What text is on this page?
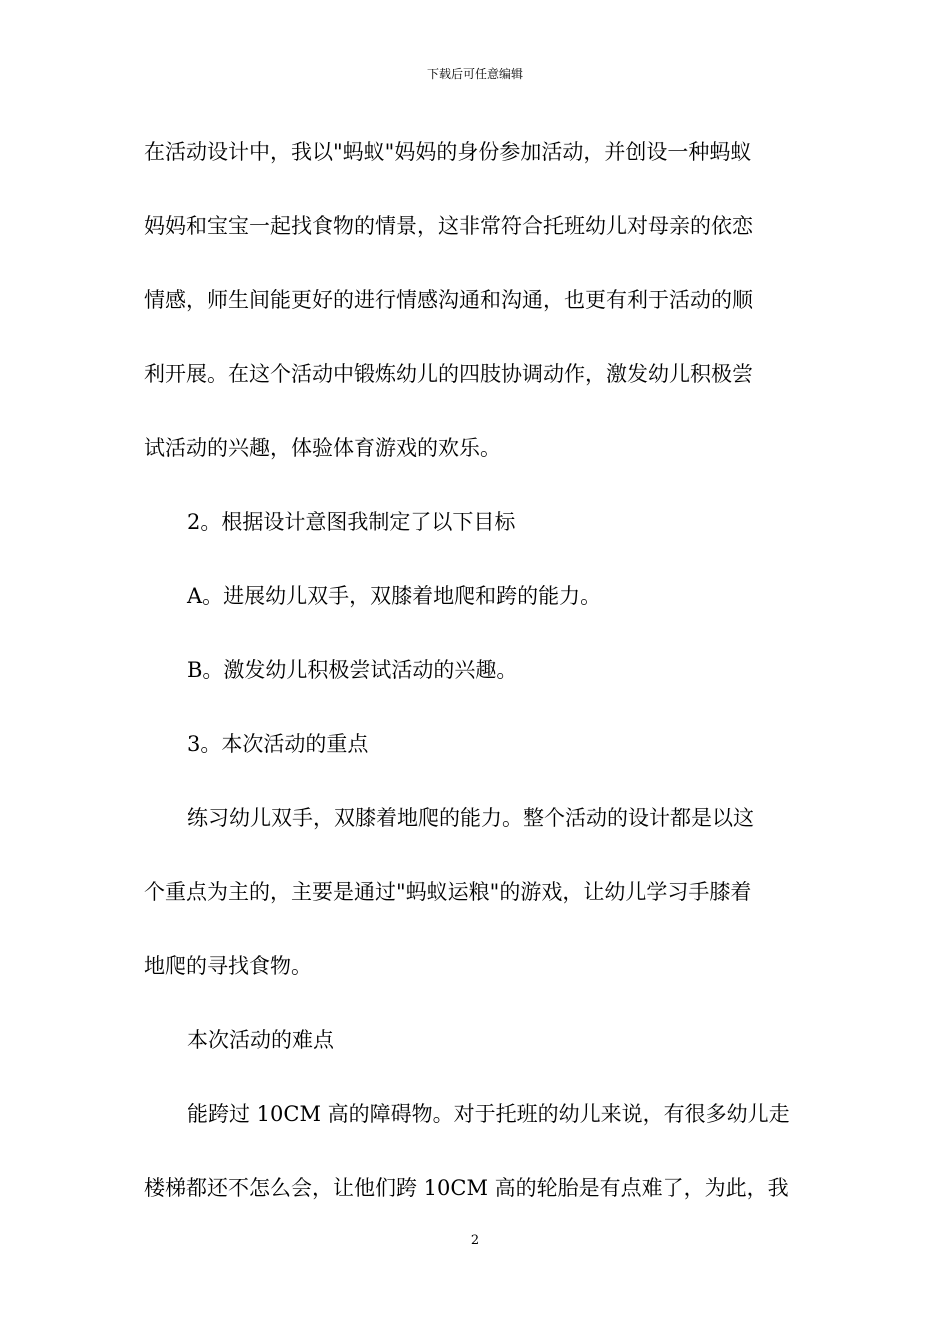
下载后可任意编辑
在活动设计中，我以"蚂蚁"妈妈的身份参加活动，并创设一种蚂蚁
妈妈和宝宝一起找食物的情景，这非常符合托班幼儿对母亲的依恋
情感，师生间能更好的进行情感沟通和沟通，也更有利于活动的顺
利开展。在这个活动中锻炼幼儿的四肢协调动作，激发幼儿积极尝
试活动的兴趣，体验体育游戏的欢乐。
2。根据设计意图我制定了以下目标
A。进展幼儿双手，双膝着地爬和跨的能力。
B。激发幼儿积极尝试活动的兴趣。
3。本次活动的重点
练习幼儿双手，双膝着地爬的能力。整个活动的设计都是以这
个重点为主的，主要是通过"蚂蚁运粮"的游戏，让幼儿学习手膝着
地爬的寻找食物。
本次活动的难点
能跨过 10CM 高的障碍物。对于托班的幼儿来说，有很多幼儿走
楼梯都还不怎么会，让他们跨 10CM 高的轮胎是有点难了，为此，我
2
